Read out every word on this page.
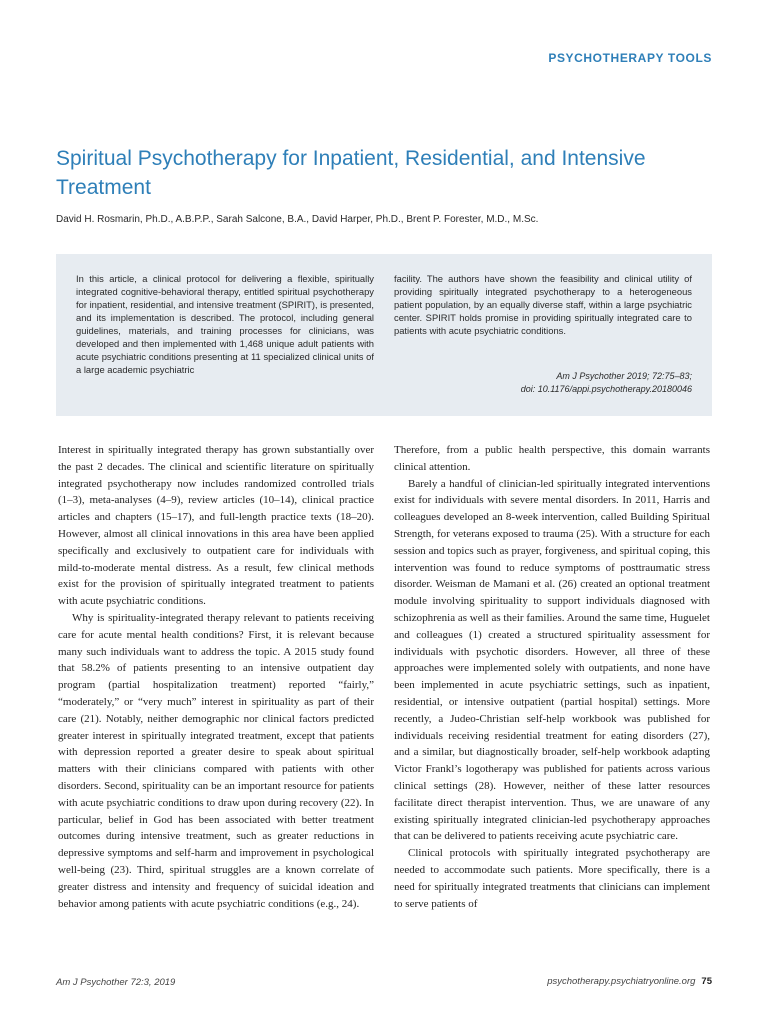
PSYCHOTHERAPY TOOLS
Spiritual Psychotherapy for Inpatient, Residential, and Intensive Treatment
David H. Rosmarin, Ph.D., A.B.P.P., Sarah Salcone, B.A., David Harper, Ph.D., Brent P. Forester, M.D., M.Sc.
In this article, a clinical protocol for delivering a flexible, spiritually integrated cognitive-behavioral therapy, entitled spiritual psychotherapy for inpatient, residential, and intensive treatment (SPIRIT), is presented, and its implementation is described. The protocol, including general guidelines, materials, and training processes for clinicians, was developed and then implemented with 1,468 unique adult patients with acute psychiatric conditions presenting at 11 specialized clinical units of a large academic psychiatric
facility. The authors have shown the feasibility and clinical utility of providing spiritually integrated psychotherapy to a heterogeneous patient population, by an equally diverse staff, within a large psychiatric center. SPIRIT holds promise in providing spiritually integrated care to patients with acute psychiatric conditions.
Am J Psychother 2019; 72:75–83;
doi: 10.1176/appi.psychotherapy.20180046

Interest in spiritually integrated therapy has grown substantially over the past 2 decades. The clinical and scientific literature on spiritually integrated psychotherapy now includes randomized controlled trials (1–3), meta-analyses (4–9), review articles (10–14), clinical practice articles and chapters (15–17), and full-length practice texts (18–20). However, almost all clinical innovations in this area have been applied specifically and exclusively to outpatient care for individuals with mild-to-moderate mental distress. As a result, few clinical methods exist for the provision of spiritually integrated treatment to patients with acute psychiatric conditions.

Why is spirituality-integrated therapy relevant to patients receiving care for acute mental health conditions? First, it is relevant because many such individuals want to address the topic. A 2015 study found that 58.2% of patients presenting to an intensive outpatient day program (partial hospitalization treatment) reported “fairly,” “moderately,” or “very much” interest in spirituality as part of their care (21). Notably, neither demographic nor clinical factors predicted greater interest in spiritually integrated treatment, except that patients with depression reported a greater desire to speak about spiritual matters with their clinicians compared with patients with other disorders. Second, spirituality can be an important resource for patients with acute psychiatric conditions to draw upon during recovery (22). In particular, belief in God has been associated with better treatment outcomes during intensive treatment, such as greater reductions in depressive symptoms and self-harm and improvement in psychological well-being (23). Third, spiritual struggles are a known correlate of greater distress and intensity and frequency of suicidal ideation and behavior among patients with acute psychiatric conditions (e.g., 24).

Therefore, from a public health perspective, this domain warrants clinical attention.

Barely a handful of clinician-led spiritually integrated interventions exist for individuals with severe mental disorders. In 2011, Harris and colleagues developed an 8-week intervention, called Building Spiritual Strength, for veterans exposed to trauma (25). With a structure for each session and topics such as prayer, forgiveness, and spiritual coping, this intervention was found to reduce symptoms of posttraumatic stress disorder. Weisman de Mamani et al. (26) created an optional treatment module involving spirituality to support individuals diagnosed with schizophrenia as well as their families. Around the same time, Huguelet and colleagues (1) created a structured spirituality assessment for individuals with psychotic disorders. However, all three of these approaches were implemented solely with outpatients, and none have been implemented in acute psychiatric settings, such as inpatient, residential, or intensive outpatient (partial hospital) settings. More recently, a Judeo-Christian self-help workbook was published for individuals receiving residential treatment for eating disorders (27), and a similar, but diagnostically broader, self-help workbook adapting Victor Frankl’s logotherapy was published for patients across various clinical settings (28). However, neither of these latter resources facilitate direct therapist intervention. Thus, we are unaware of any existing spiritually integrated clinician-led psychotherapy approaches that can be delivered to patients receiving acute psychiatric care.

Clinical protocols with spiritually integrated psychotherapy are needed to accommodate such patients. More specifically, there is a need for spiritually integrated treatments that clinicians can implement to serve patients of

Am J Psychother 72:3, 2019	psychotherapy.psychiatryonline.org 75
